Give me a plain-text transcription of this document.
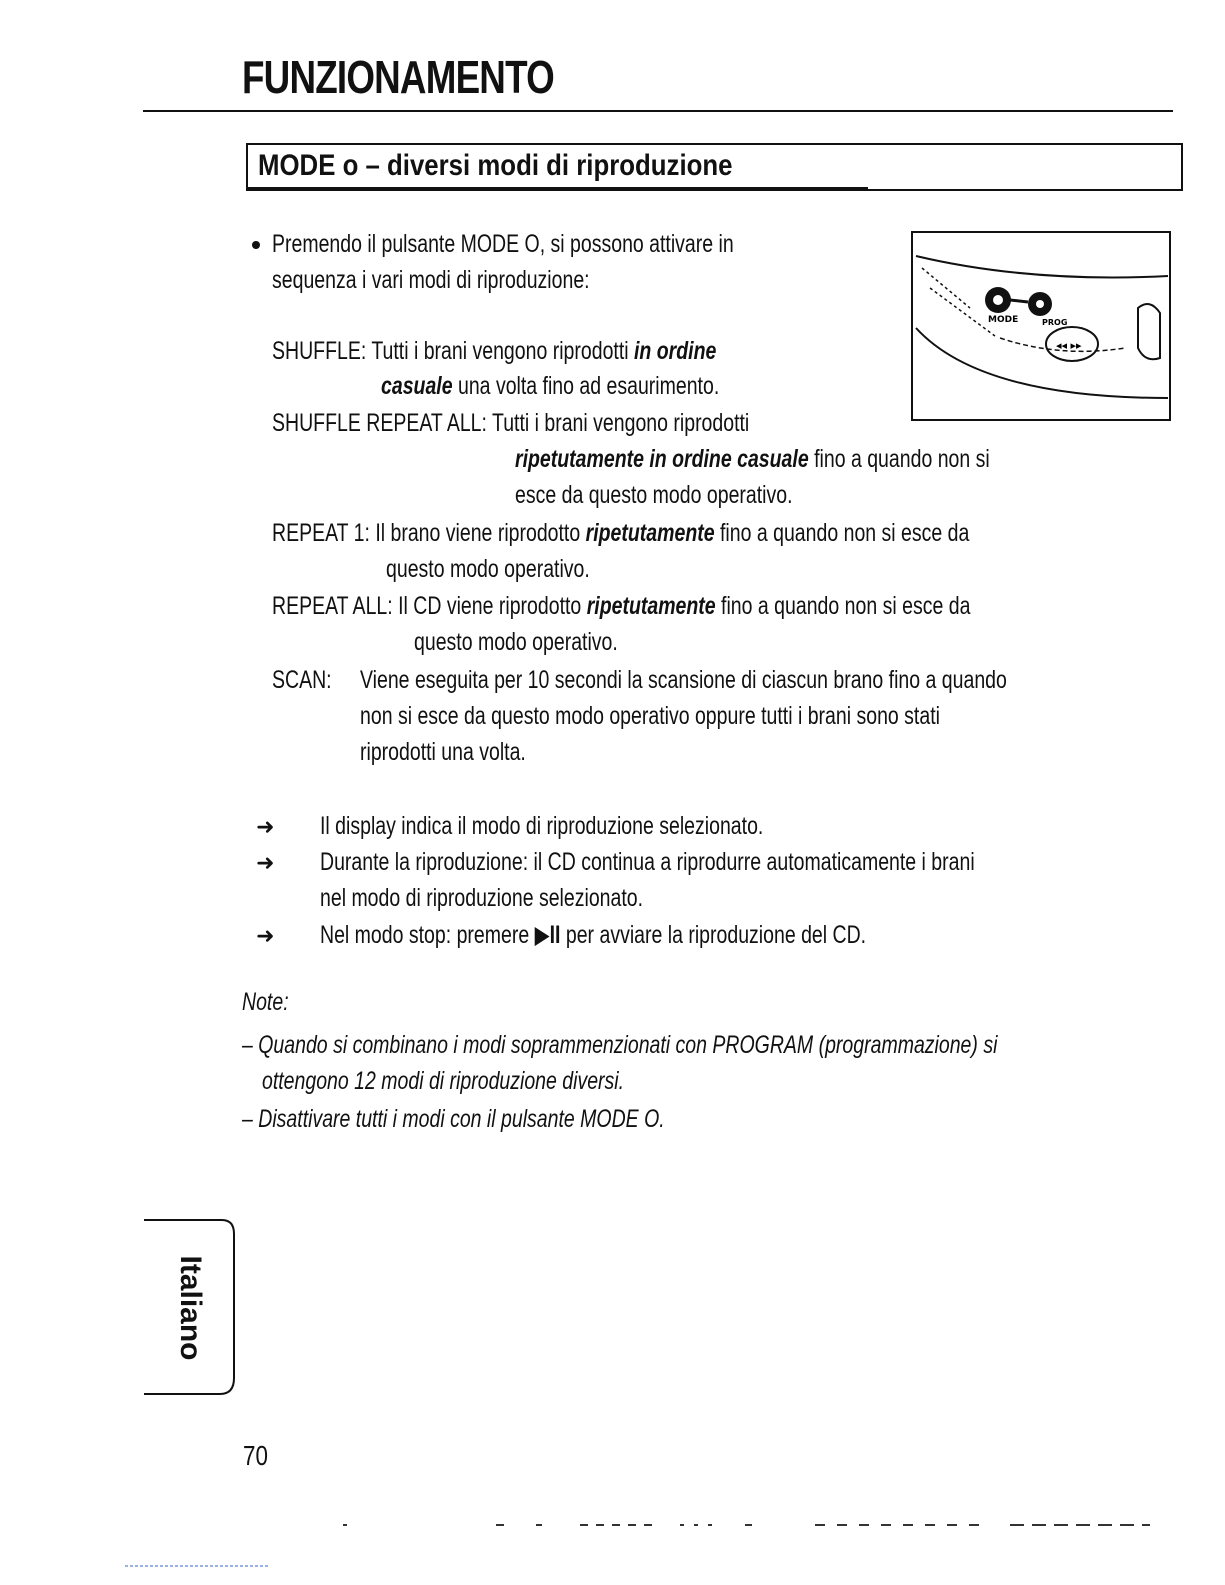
FUNZIONAMENTO
MODE o – diversi modi di riproduzione
Premendo il pulsante MODE O, si possono attivare in
sequenza i vari modi di riproduzione:
MODE	PROG
◂◂ ▸▸
SHUFFLE: Tutti i brani vengono riprodotti in ordine
casuale una volta fino ad esaurimento.
SHUFFLE REPEAT ALL: Tutti i brani vengono riprodotti
ripetutamente in ordine casuale fino a quando non si
esce da questo modo operativo.
REPEAT 1: Il brano viene riprodotto ripetutamente fino a quando non si esce da
questo modo operativo.
REPEAT ALL: Il CD viene riprodotto ripetutamente fino a quando non si esce da
questo modo operativo.
SCAN:	Viene eseguita per 10 secondi la scansione di ciascun brano fino a quando
non si esce da questo modo operativo oppure tutti i brani sono stati
riprodotti una volta.
➜ Il display indica il modo di riproduzione selezionato.
➜ Durante la riproduzione: il CD continua a riprodurre automaticamente i brani
nel modo di riproduzione selezionato.
➜ Nel modo stop: premere ▶II per avviare la riproduzione del CD.
Note:
– Quando si combinano i modi soprammenzionati con PROGRAM (programmazione) si
ottengono 12 modi di riproduzione diversi.
– Disattivare tutti i modi con il pulsante MODE O.
Italiano
70
